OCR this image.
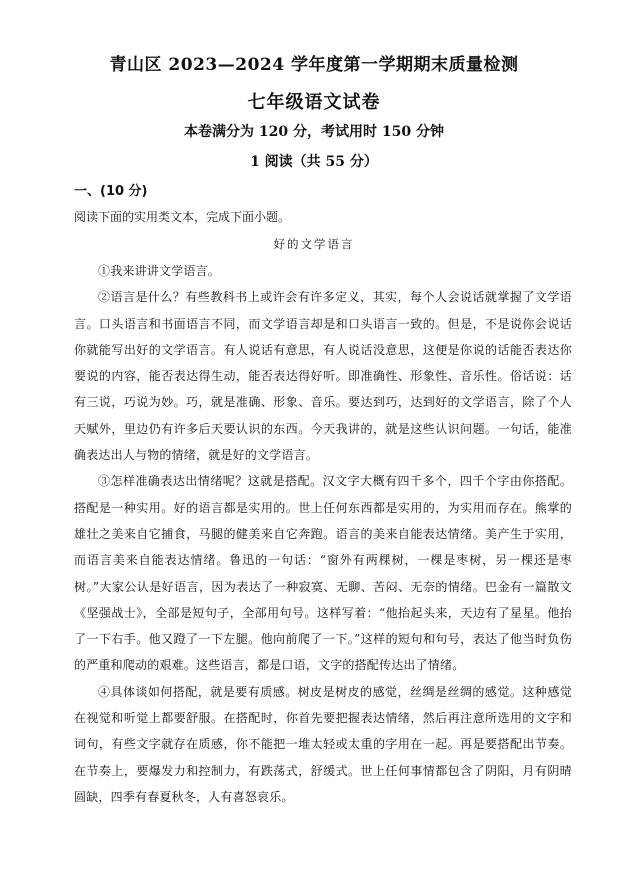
青山区 2023—2024 学年度第一学期期末质量检测
七年级语文试卷
本卷满分为 120 分，考试用时 150 分钟
1 阅读（共 55 分）
一、(10 分)
阅读下面的实用类文本，完成下面小题。
好的文学语言

①我来讲讲文学语言。

②语言是什么？有些教科书上或许会有许多定义，其实，每个人会说话就掌握了文学语言。口头语言和书面语言不同，而文学语言却是和口头语言一致的。但是，不是说你会说话你就能写出好的文学语言。有人说话有意思，有人说话没意思，这便是你说的话能否表达你要说的内容，能否表达得生动，能否表达得好听。即准确性、形象性、音乐性。俗话说：话有三说，巧说为妙。巧，就是准确、形象、音乐。要达到巧，达到好的文学语言，除了个人天赋外，里边仍有许多后天要认识的东西。今天我讲的，就是这些认识问题。一句话，能准确表达出人与物的情绪，就是好的文学语言。

③怎样准确表达出情绪呢？这就是搭配。汉文字大概有四千多个，四千个字由你搭配。搭配是一种实用。好的语言都是实用的。世上任何东西都是实用的，为实用而存在。熊掌的雄壮之美来自它捕食，马腿的健美来自它奔跑。语言的美来自能表达情绪。美产生于实用，而语言美来自能表达情绪。鲁迅的一句话：“窗外有两棵树，一棵是枣树，另一棵还是枣树。”大家公认是好语言，因为表达了一种寂寞、无聊、苦闷、无奈的情绪。巴金有一篇散文《坚强战士》，全部是短句子，全部用句号。这样写着：“他抬起头来，天边有了星星。他抬了一下右手。他又蹬了一下左腿。他向前爬了一下。”这样的短句和句号，表达了他当时负伤的严重和爬动的艰难。这些语言，都是口语，文字的搭配传达出了情绪。

④具体谈如何搭配，就是要有质感。树皮是树皮的感觉，丝绸是丝绸的感觉。这种感觉在视觉和听觉上都要舒服。在搭配时，你首先要把握表达情绪，然后再注意所选用的文字和词句，有些文字就存在质感，你不能把一堆太轻或太重的字用在一起。再是要搭配出节奏。在节奏上，要爆发力和控制力，有跌荡式，舒缓式。世上任何事情都包含了阴阳，月有阴晴圆缺，四季有春夏秋冬，人有喜怒哀乐。
